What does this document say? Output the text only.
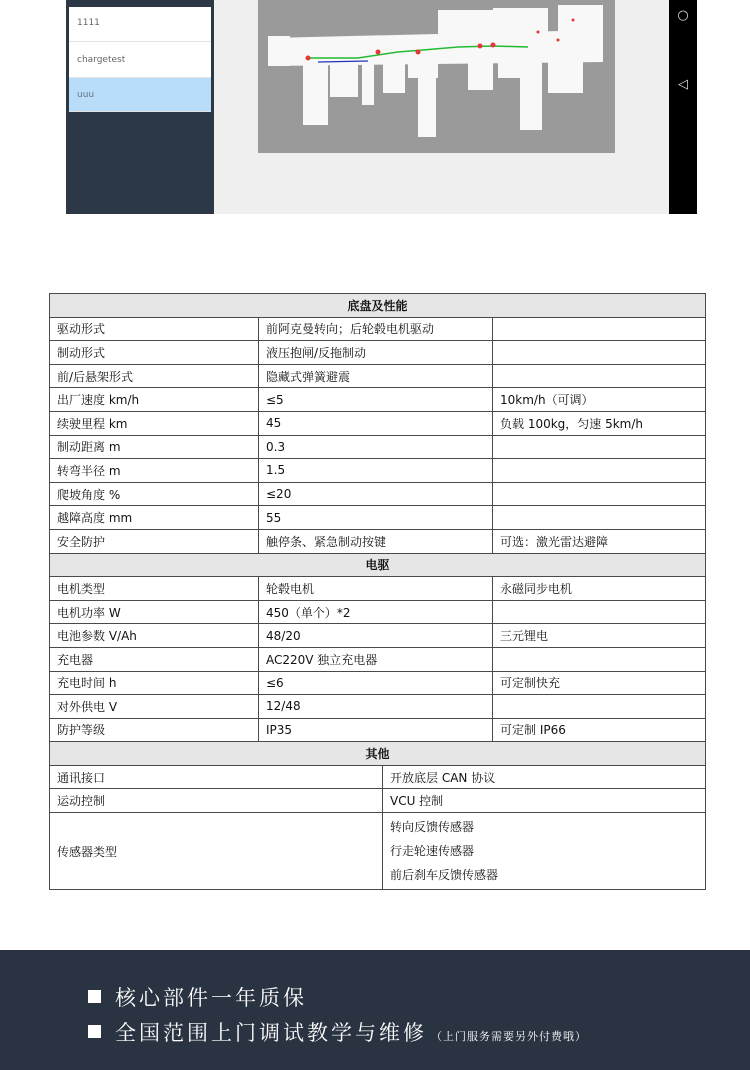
1111
chargetest
uuu
○
◁
底盘及性能			
驱动形式	前阿克曼转向；后轮毂电机驱动		
制动形式	液压抱闸/反拖制动		
前/后悬架形式	隐藏式弹簧避震		
出厂速度 km/h	≤5		10km/h（可调）
续驶里程 km	45		负载 100kg，匀速 5km/h
制动距离 m	0.3		
转弯半径 m	1.5		
爬坡角度 %	≤20		
越障高度 mm	55		
安全防护	触停条、紧急制动按键		可选：激光雷达避障
电驱			
电机类型	轮毂电机		永磁同步电机
电机功率 W	450（单个）*2		
电池参数 V/Ah	48/20		三元锂电
充电器	AC220V 独立充电器		
充电时间 h	≤6		可定制快充
对外供电 V	12/48		
防护等级	IP35		可定制 IP66
其他			
通讯接口		开放底层 CAN 协议	
运动控制		VCU 控制	
传感器类型		转向反馈传感器
行走轮速传感器
前后刹车反馈传感器	
核心部件一年质保
全国范围上门调试教学与维修 （上门服务需要另外付费哦）
